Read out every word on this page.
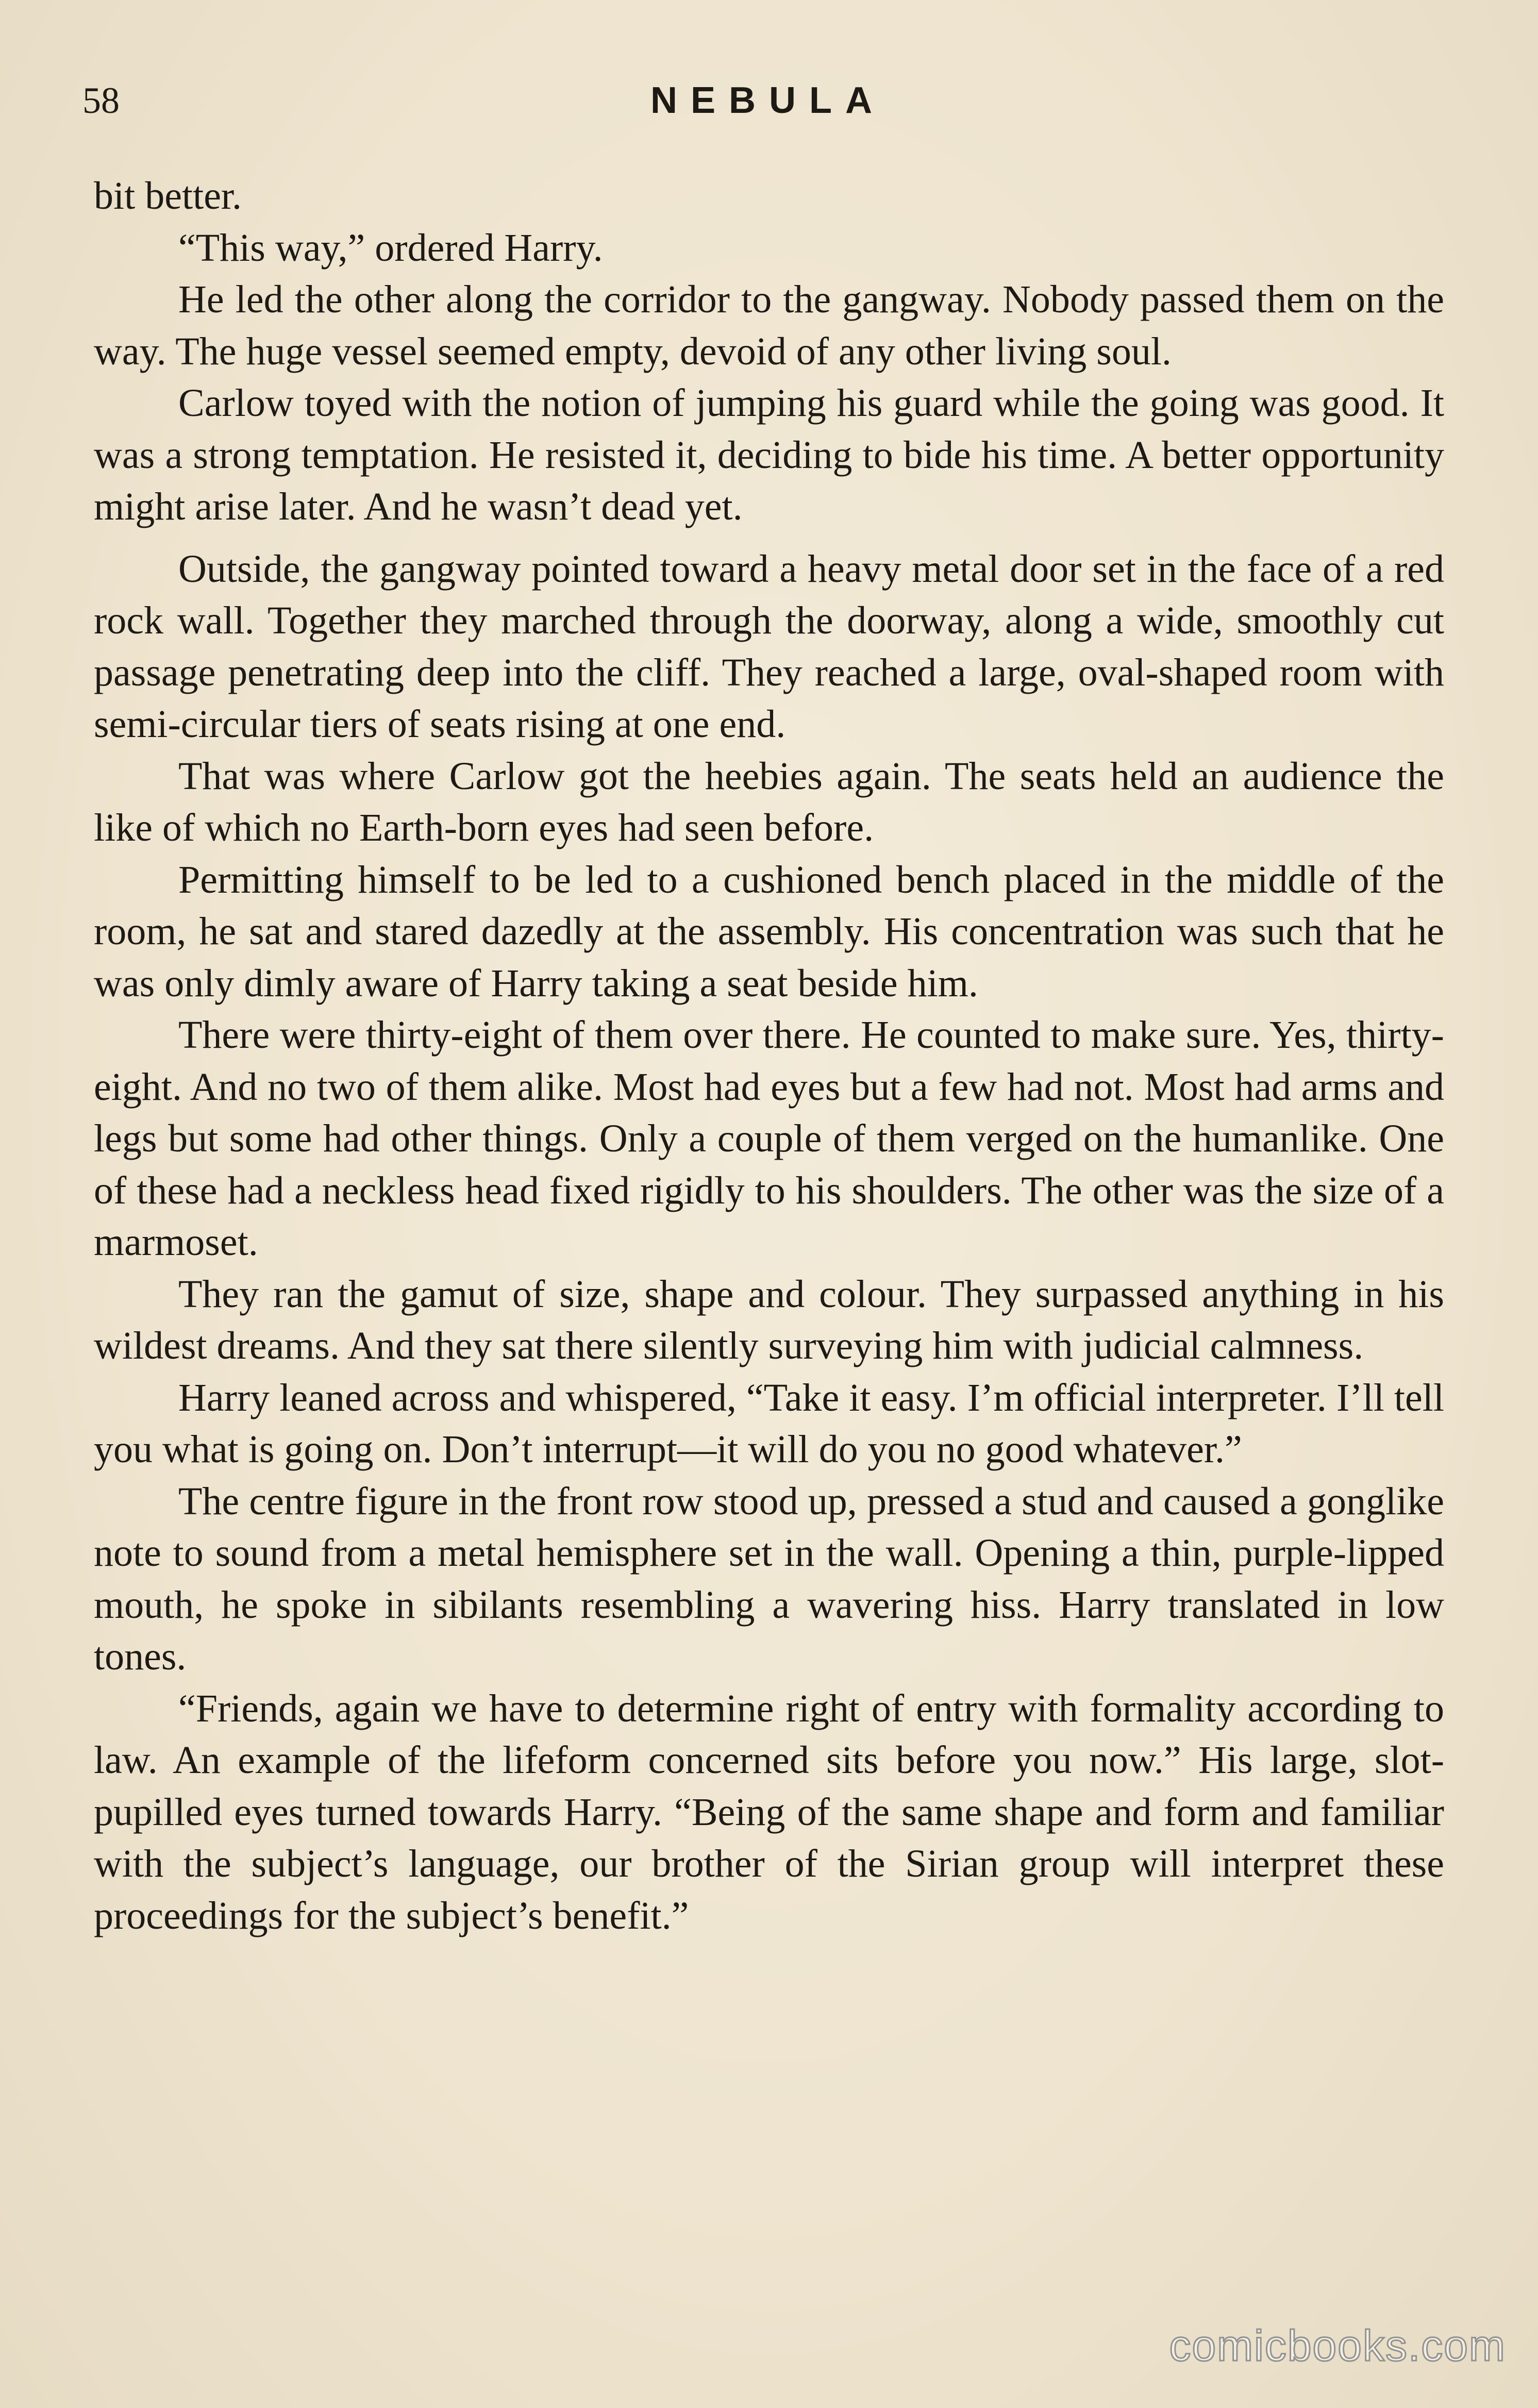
58	NEBULA

bit better.

“This way,” ordered Harry.

He led the other along the corridor to the gangway. Nobody passed them on the way. The huge vessel seemed empty, devoid of any other living soul.

Carlow toyed with the notion of jumping his guard while the going was good. It was a strong temptation. He resisted it, deciding to bide his time. A better opportunity might arise later. And he wasn’t dead yet.

Outside, the gangway pointed toward a heavy metal door set in the face of a red rock wall. Together they marched through the doorway, along a wide, smoothly cut passage penetrating deep into the cliff. They reached a large, oval-shaped room with semi-circular tiers of seats rising at one end.

That was where Carlow got the heebies again. The seats held an audience the like of which no Earth-born eyes had seen before.

Permitting himself to be led to a cushioned bench placed in the middle of the room, he sat and stared dazedly at the assembly. His concentration was such that he was only dimly aware of Harry taking a seat beside him.

There were thirty-eight of them over there. He counted to make sure. Yes, thirty-eight. And no two of them alike. Most had eyes but a few had not. Most had arms and legs but some had other things. Only a couple of them verged on the humanlike. One of these had a neckless head fixed rigidly to his shoulders. The other was the size of a marmoset.

They ran the gamut of size, shape and colour. They surpassed anything in his wildest dreams. And they sat there silently surveying him with judicial calmness.

Harry leaned across and whispered, “Take it easy. I’m official interpreter. I’ll tell you what is going on. Don’t interrupt—it will do you no good whatever.”

The centre figure in the front row stood up, pressed a stud and caused a gonglike note to sound from a metal hemisphere set in the wall. Opening a thin, purple-lipped mouth, he spoke in sibilants resembling a wavering hiss. Harry translated in low tones.

“Friends, again we have to determine right of entry with formality according to law. An example of the lifeform concerned sits before you now.” His large, slot-pupilled eyes turned towards Harry. “Being of the same shape and form and familiar with the subject’s language, our brother of the Sirian group will interpret these proceedings for the subject’s benefit.”

comicbooks.com
